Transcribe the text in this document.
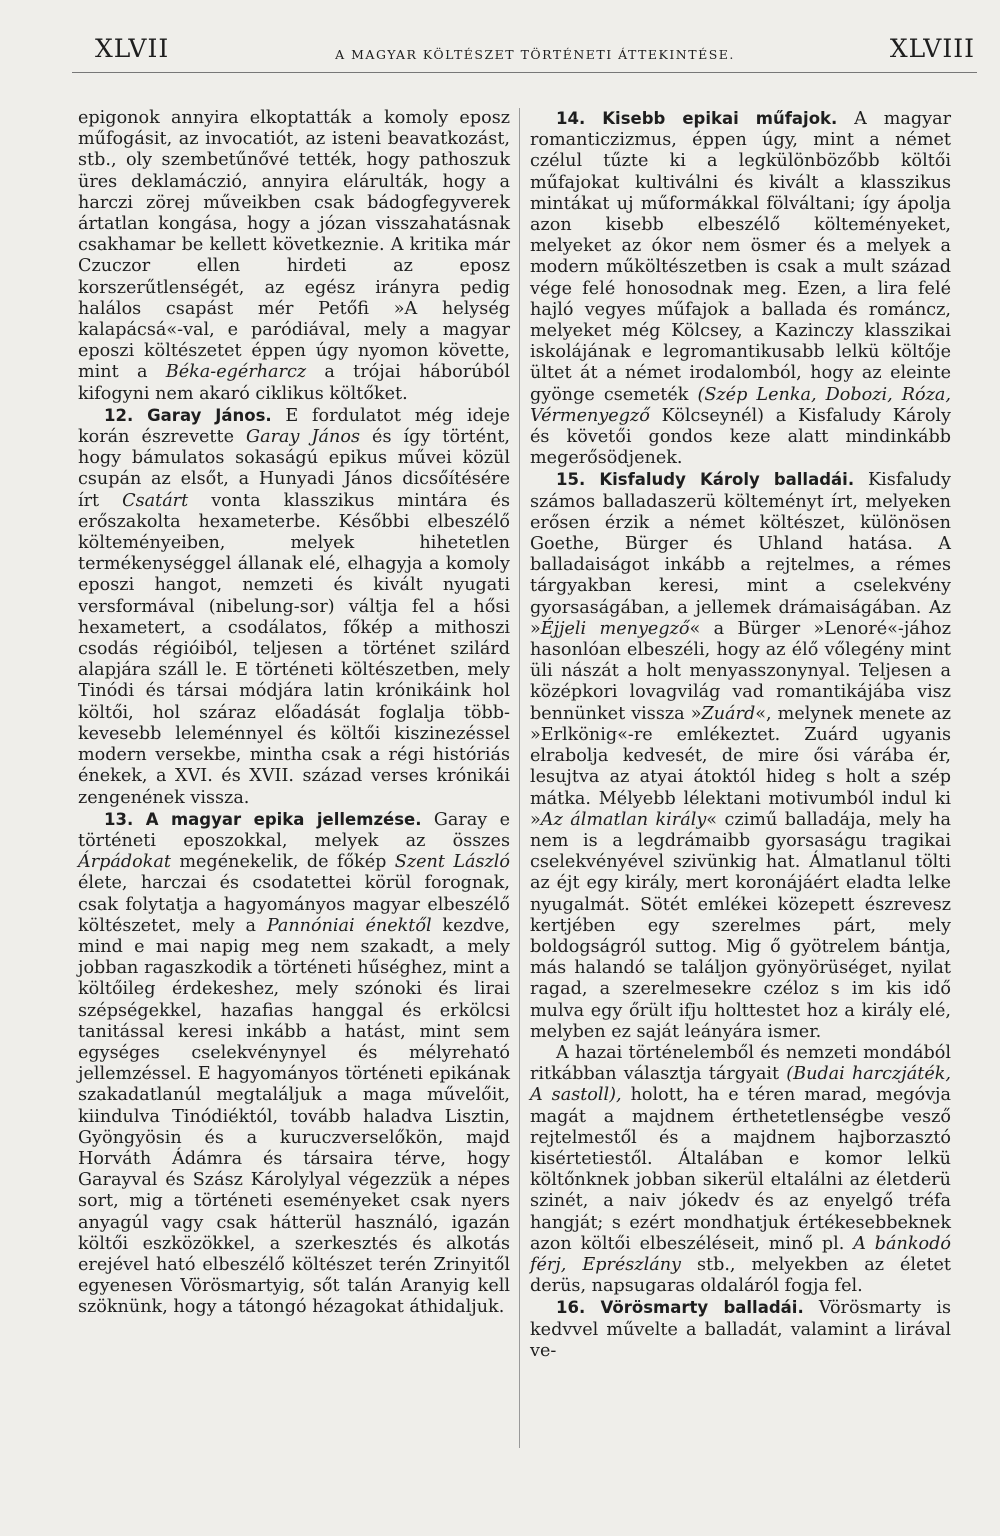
XLVII	A MAGYAR KÖLTÉSZET TÖRTÉNETI ÁTTEKINTÉSE.	XLVIII

epigonok annyira elkoptatták a komoly eposz műfogásit, az invocatiót, az isteni beavatkozást, stb., oly szembetűnővé tették, hogy pathoszuk üres deklamáczió, annyira elárulták, hogy a harczi zörej műveikben csak bádogfegyverek ártatlan kongása, hogy a józan visszahatásnak csakhamar be kellett következnie. A kritika már Czuczor ellen hirdeti az eposz korszerűtlenségét, az egész irányra pedig halálos csapást mér Petőfi »A helység kalapácsá«-val, e paródiával, mely a magyar eposzi költészetet éppen úgy nyomon követte, mint a Béka-egérharcz a trójai háborúból kifogyni nem akaró ciklikus költőket.

12. Garay János. E fordulatot még ideje korán észrevette Garay János és így történt, hogy bámulatos sokaságú epikus művei közül csupán az elsőt, a Hunyadi János dicsőítésére írt Csatárt vonta klasszikus mintára és erőszakolta hexameterbe. Későbbi elbeszélő költeményeiben, melyek hihetetlen termékenységgel állanak elé, elhagyja a komoly eposzi hangot, nemzeti és kivált nyugati versformával (nibelung-sor) váltja fel a hősi hexametert, a csodálatos, főkép a mithoszi csodás régióiból, teljesen a történet szilárd alapjára száll le. E történeti költészetben, mely Tinódi és társai módjára latin krónikáink hol költői, hol száraz előadását foglalja több-kevesebb leleménnyel és költői kiszinezéssel modern versekbe, mintha csak a régi históriás énekek, a XVI. és XVII. század verses krónikái zengenének vissza.

13. A magyar epika jellemzése. Garay e történeti eposzokkal, melyek az összes Árpádokat megénekelik, de főkép Szent László élete, harczai és csodatettei körül forognak, csak folytatja a hagyományos magyar elbeszélő költészetet, mely a Pannóniai énektől kezdve, mind e mai napig meg nem szakadt, a mely jobban ragaszkodik a történeti hűséghez, mint a költőileg érdekeshez, mely szónoki és lirai szépségekkel, hazafias hanggal és erkölcsi tanitással keresi inkább a hatást, mint sem egységes cselekvénynyel és mélyreható jellemzéssel. E hagyományos történeti epikának szakadatlanúl megtaláljuk a maga művelőit, kiindulva Tinódiéktól, tovább haladva Lisztin, Gyöngyösin és a kuruczverselőkön, majd Horváth Ádámra és társaira térve, hogy Garayval és Szász Károlylyal végezzük a népes sort, mig a történeti eseményeket csak nyers anyagúl vagy csak hátterül használó, igazán költői eszközökkel, a szerkesztés és alkotás erejével ható elbeszélő költészet terén Zrinyitől egyenesen Vörösmartyig, sőt talán Aranyig kell szöknünk, hogy a tátongó hézagokat áthidaljuk.

14. Kisebb epikai műfajok. A magyar romanticzizmus, éppen úgy, mint a német czélul tűzte ki a legkülönbözőbb költői műfajokat kultiválni és kivált a klasszikus mintákat uj műformákkal fölváltani; így ápolja azon kisebb elbeszélő költeményeket, melyeket az ókor nem ösmer és a melyek a modern műköltészetben is csak a mult század vége felé honosodnak meg. Ezen, a lira felé hajló vegyes műfajok a ballada és románcz, melyeket még Kölcsey, a Kazinczy klasszikai iskolájának e legromantikusabb lelkü költője ültet át a német irodalomból, hogy az eleinte gyönge csemeték (Szép Lenka, Dobozi, Róza, Vérmenyegző Kölcseynél) a Kisfaludy Károly és követői gondos keze alatt mindinkább megerősödjenek.

15. Kisfaludy Károly balladái. Kisfaludy számos balladaszerü költeményt írt, melyeken erősen érzik a német költészet, különösen Goethe, Bürger és Uhland hatása. A balladaiságot inkább a rejtelmes, a rémes tárgyakban keresi, mint a cselekvény gyorsaságában, a jellemek drámaiságában. Az »Éjjeli menyegző« a Bürger »Lenoré«-jához hasonlóan elbeszéli, hogy az élő vőlegény mint üli nászát a holt menyasszonynyal. Teljesen a középkori lovagvilág vad romantikájába visz bennünket vissza »Zuárd«, melynek menete az »Erlkönig«-re emlékeztet. Zuárd ugyanis elrabolja kedvesét, de mire ősi várába ér, lesujtva az atyai átoktól hideg s holt a szép mátka. Mélyebb lélektani motivumból indul ki »Az álmatlan király« czimű balladája, mely ha nem is a legdrámaibb gyorsaságu tragikai cselekvényével szivünkig hat. Álmatlanul tölti az éjt egy király, mert koronájáért eladta lelke nyugalmát. Sötét emlékei közepett észrevesz kertjében egy szerelmes párt, mely boldogságról suttog. Mig ő gyötrelem bántja, más halandó se találjon gyönyörüséget, nyilat ragad, a szerelmesekre czéloz s im kis idő mulva egy őrült ifju holttestet hoz a király elé, melyben ez saját leányára ismer.

A hazai történelemből és nemzeti mondából ritkábban választja tárgyait (Budai harczjáték, A sastoll), holott, ha e téren marad, megóvja magát a majdnem érthetetlenségbe vesző rejtelmestől és a majdnem hajborzasztó kisértetiestől. Általában e komor lelkü költőnknek jobban sikerül eltalálni az életderü szinét, a naiv jókedv és az enyelgő tréfa hangját; s ezért mondhatjuk értékesebbeknek azon költői elbeszéléseit, minő pl. A bánkodó férj, Eprészlány stb., melyekben az életet derüs, napsugaras oldaláról fogja fel.

16. Vörösmarty balladái. Vörösmarty is kedvvel művelte a balladát, valamint a lirával ve-
